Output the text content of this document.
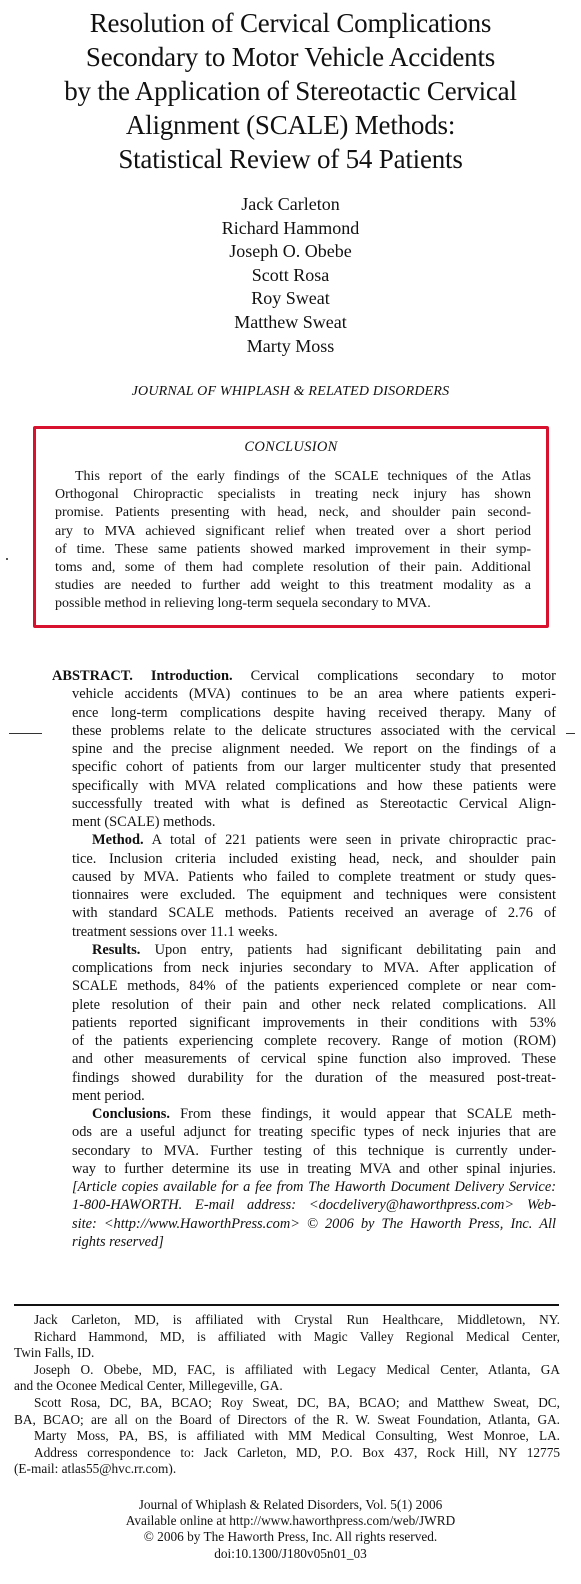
Resolution of Cervical Complications
Secondary to Motor Vehicle Accidents
by the Application of Stereotactic Cervical
Alignment (SCALE) Methods:
Statistical Review of 54 Patients
Jack Carleton
Richard Hammond
Joseph O. Obebe
Scott Rosa
Roy Sweat
Matthew Sweat
Marty Moss
JOURNAL OF WHIPLASH & RELATED DISORDERS
CONCLUSION
This report of the early findings of the SCALE techniques of the Atlas
Orthogonal Chiropractic specialists in treating neck injury has shown
promise. Patients presenting with head, neck, and shoulder pain second-
ary to MVA achieved significant relief when treated over a short period
of time. These same patients showed marked improvement in their symp-
toms and, some of them had complete resolution of their pain. Additional
studies are needed to further add weight to this treatment modality as a
possible method in relieving long-term sequela secondary to MVA.
ABSTRACT. Introduction. Cervical complications secondary to motor
vehicle accidents (MVA) continues to be an area where patients experi-
ence long-term complications despite having received therapy. Many of
these problems relate to the delicate structures associated with the cervical
spine and the precise alignment needed. We report on the findings of a
specific cohort of patients from our larger multicenter study that presented
specifically with MVA related complications and how these patients were
successfully treated with what is defined as Stereotactic Cervical Align-
ment (SCALE) methods.
Method. A total of 221 patients were seen in private chiropractic prac-
tice. Inclusion criteria included existing head, neck, and shoulder pain
caused by MVA. Patients who failed to complete treatment or study ques-
tionnaires were excluded. The equipment and techniques were consistent
with standard SCALE methods. Patients received an average of 2.76 of
treatment sessions over 11.1 weeks.
Results. Upon entry, patients had significant debilitating pain and
complications from neck injuries secondary to MVA. After application of
SCALE methods, 84% of the patients experienced complete or near com-
plete resolution of their pain and other neck related complications. All
patients reported significant improvements in their conditions with 53%
of the patients experiencing complete recovery. Range of motion (ROM)
and other measurements of cervical spine function also improved. These
findings showed durability for the duration of the measured post-treat-
ment period.
Conclusions. From these findings, it would appear that SCALE meth-
ods are a useful adjunct for treating specific types of neck injuries that are
secondary to MVA. Further testing of this technique is currently under-
way to further determine its use in treating MVA and other spinal injuries.
[Article copies available for a fee from The Haworth Document Delivery Service:
1-800-HAWORTH. E-mail address: <docdelivery@haworthpress.com> Web-
site: <http://www.HaworthPress.com> © 2006 by The Haworth Press, Inc. All
rights reserved]
Jack Carleton, MD, is affiliated with Crystal Run Healthcare, Middletown, NY.
Richard Hammond, MD, is affiliated with Magic Valley Regional Medical Center,
Twin Falls, ID.
Joseph O. Obebe, MD, FAC, is affiliated with Legacy Medical Center, Atlanta, GA
and the Oconee Medical Center, Millegeville, GA.
Scott Rosa, DC, BA, BCAO; Roy Sweat, DC, BA, BCAO; and Matthew Sweat, DC,
BA, BCAO; are all on the Board of Directors of the R. W. Sweat Foundation, Atlanta, GA.
Marty Moss, PA, BS, is affiliated with MM Medical Consulting, West Monroe, LA.
Address correspondence to: Jack Carleton, MD, P.O. Box 437, Rock Hill, NY 12775
(E-mail: atlas55@hvc.rr.com).
Journal of Whiplash & Related Disorders, Vol. 5(1) 2006
Available online at http://www.haworthpress.com/web/JWRD
© 2006 by The Haworth Press, Inc. All rights reserved.
doi:10.1300/J180v05n01_03
